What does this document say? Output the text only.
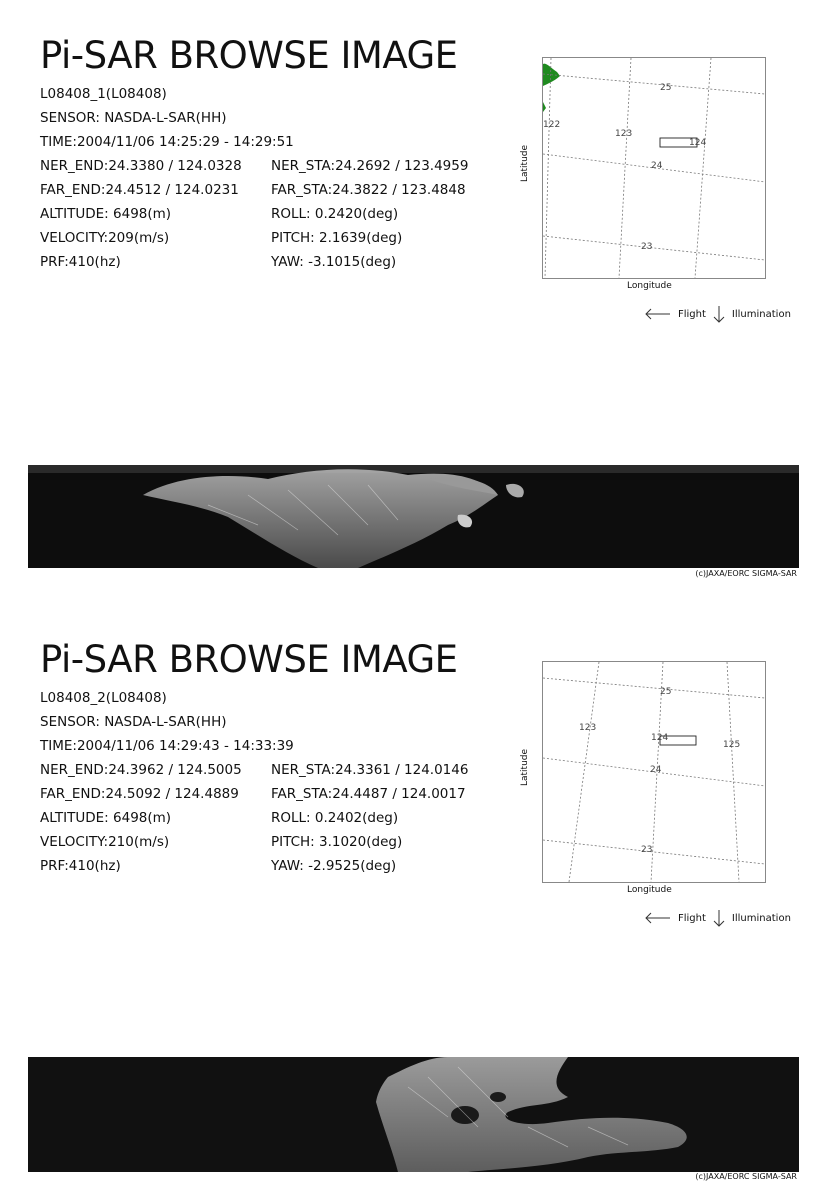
Pi-SAR BROWSE IMAGE
L08408_1(L08408)
SENSOR: NASDA-L-SAR(HH)
TIME:2004/11/06 14:25:29 - 14:29:51
NER_END:24.3380 / 124.0328
FAR_END:24.4512 / 124.0231
ALTITUDE: 6498(m)
VELOCITY:209(m/s)
PRF:410(hz)
NER_STA:24.2692 / 123.4959
FAR_STA:24.3822 / 123.4848
ROLL: 0.2420(deg)
PITCH: 2.1639(deg)
YAW: -3.1015(deg)
25
122
123
124
24
23
Latitude
Longitude
Flight	Illumination
(c)JAXA/EORC SIGMA-SAR
Pi-SAR BROWSE IMAGE
L08408_2(L08408)
SENSOR: NASDA-L-SAR(HH)
TIME:2004/11/06 14:29:43 - 14:33:39
NER_END:24.3962 / 124.5005
FAR_END:24.5092 / 124.4889
ALTITUDE: 6498(m)
VELOCITY:210(m/s)
PRF:410(hz)
NER_STA:24.3361 / 124.0146
FAR_STA:24.4487 / 124.0017
ROLL: 0.2402(deg)
PITCH: 3.1020(deg)
YAW: -2.9525(deg)
25
123
124
125
24
23
Latitude
Longitude
Flight	Illumination
(c)JAXA/EORC SIGMA-SAR
